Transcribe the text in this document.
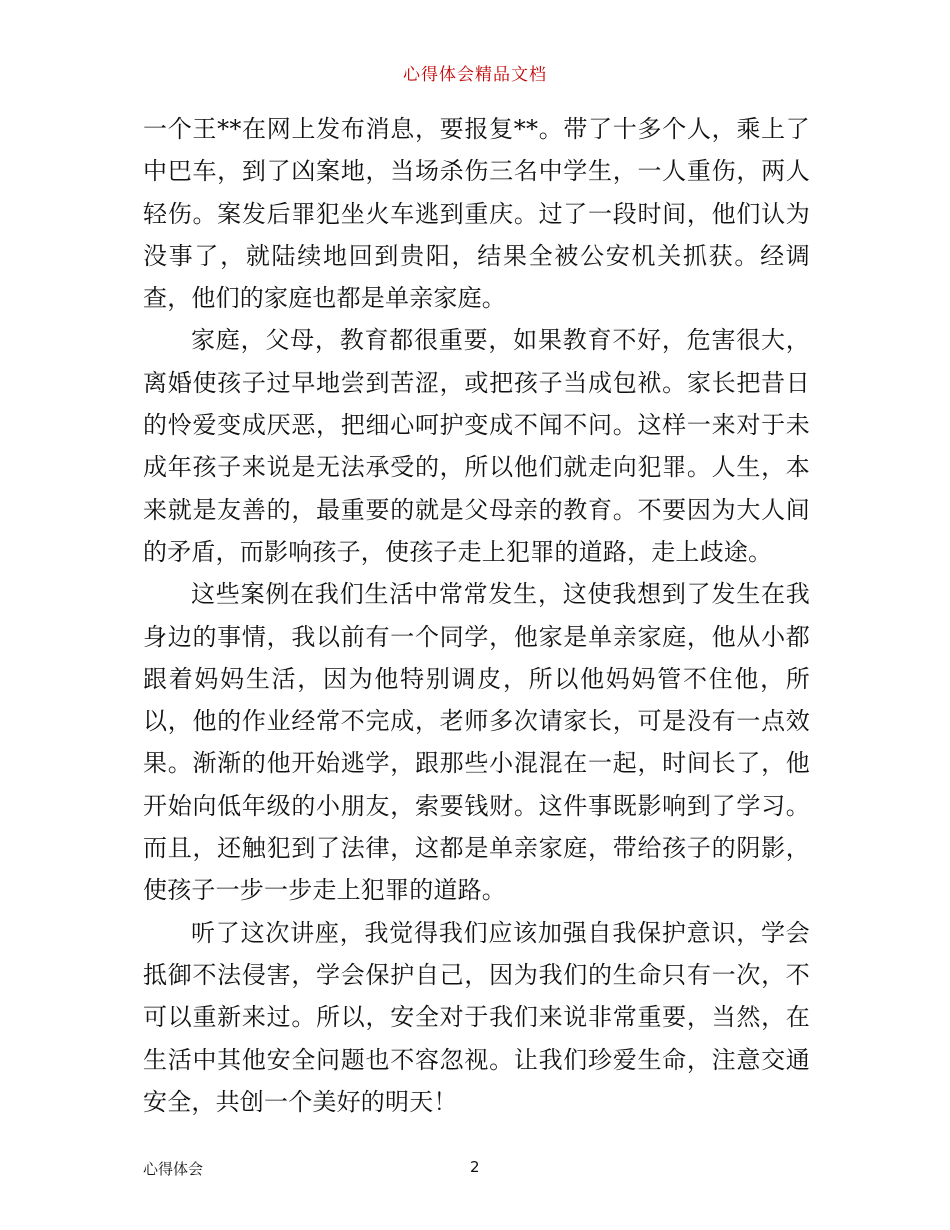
心得体会精品文档
一个王**在网上发布消息，要报复**。带了十多个人，乘上了
中巴车，到了凶案地，当场杀伤三名中学生，一人重伤，两人
轻伤。案发后罪犯坐火车逃到重庆。过了一段时间，他们认为
没事了，就陆续地回到贵阳，结果全被公安机关抓获。经调
查，他们的家庭也都是单亲家庭。
家庭，父母，教育都很重要，如果教育不好，危害很大，
离婚使孩子过早地尝到苦涩，或把孩子当成包袱。家长把昔日
的怜爱变成厌恶，把细心呵护变成不闻不问。这样一来对于未
成年孩子来说是无法承受的，所以他们就走向犯罪。人生，本
来就是友善的，最重要的就是父母亲的教育。不要因为大人间
的矛盾，而影响孩子，使孩子走上犯罪的道路，走上歧途。
这些案例在我们生活中常常发生，这使我想到了发生在我
身边的事情，我以前有一个同学，他家是单亲家庭，他从小都
跟着妈妈生活，因为他特别调皮，所以他妈妈管不住他，所
以，他的作业经常不完成，老师多次请家长，可是没有一点效
果。渐渐的他开始逃学，跟那些小混混在一起，时间长了，他
开始向低年级的小朋友，索要钱财。这件事既影响到了学习。
而且，还触犯到了法律，这都是单亲家庭，带给孩子的阴影，
使孩子一步一步走上犯罪的道路。
听了这次讲座，我觉得我们应该加强自我保护意识，学会
抵御不法侵害，学会保护自己，因为我们的生命只有一次，不
可以重新来过。所以，安全对于我们来说非常重要，当然，在
生活中其他安全问题也不容忽视。让我们珍爱生命，注意交通
安全，共创一个美好的明天！
心得体会	2
